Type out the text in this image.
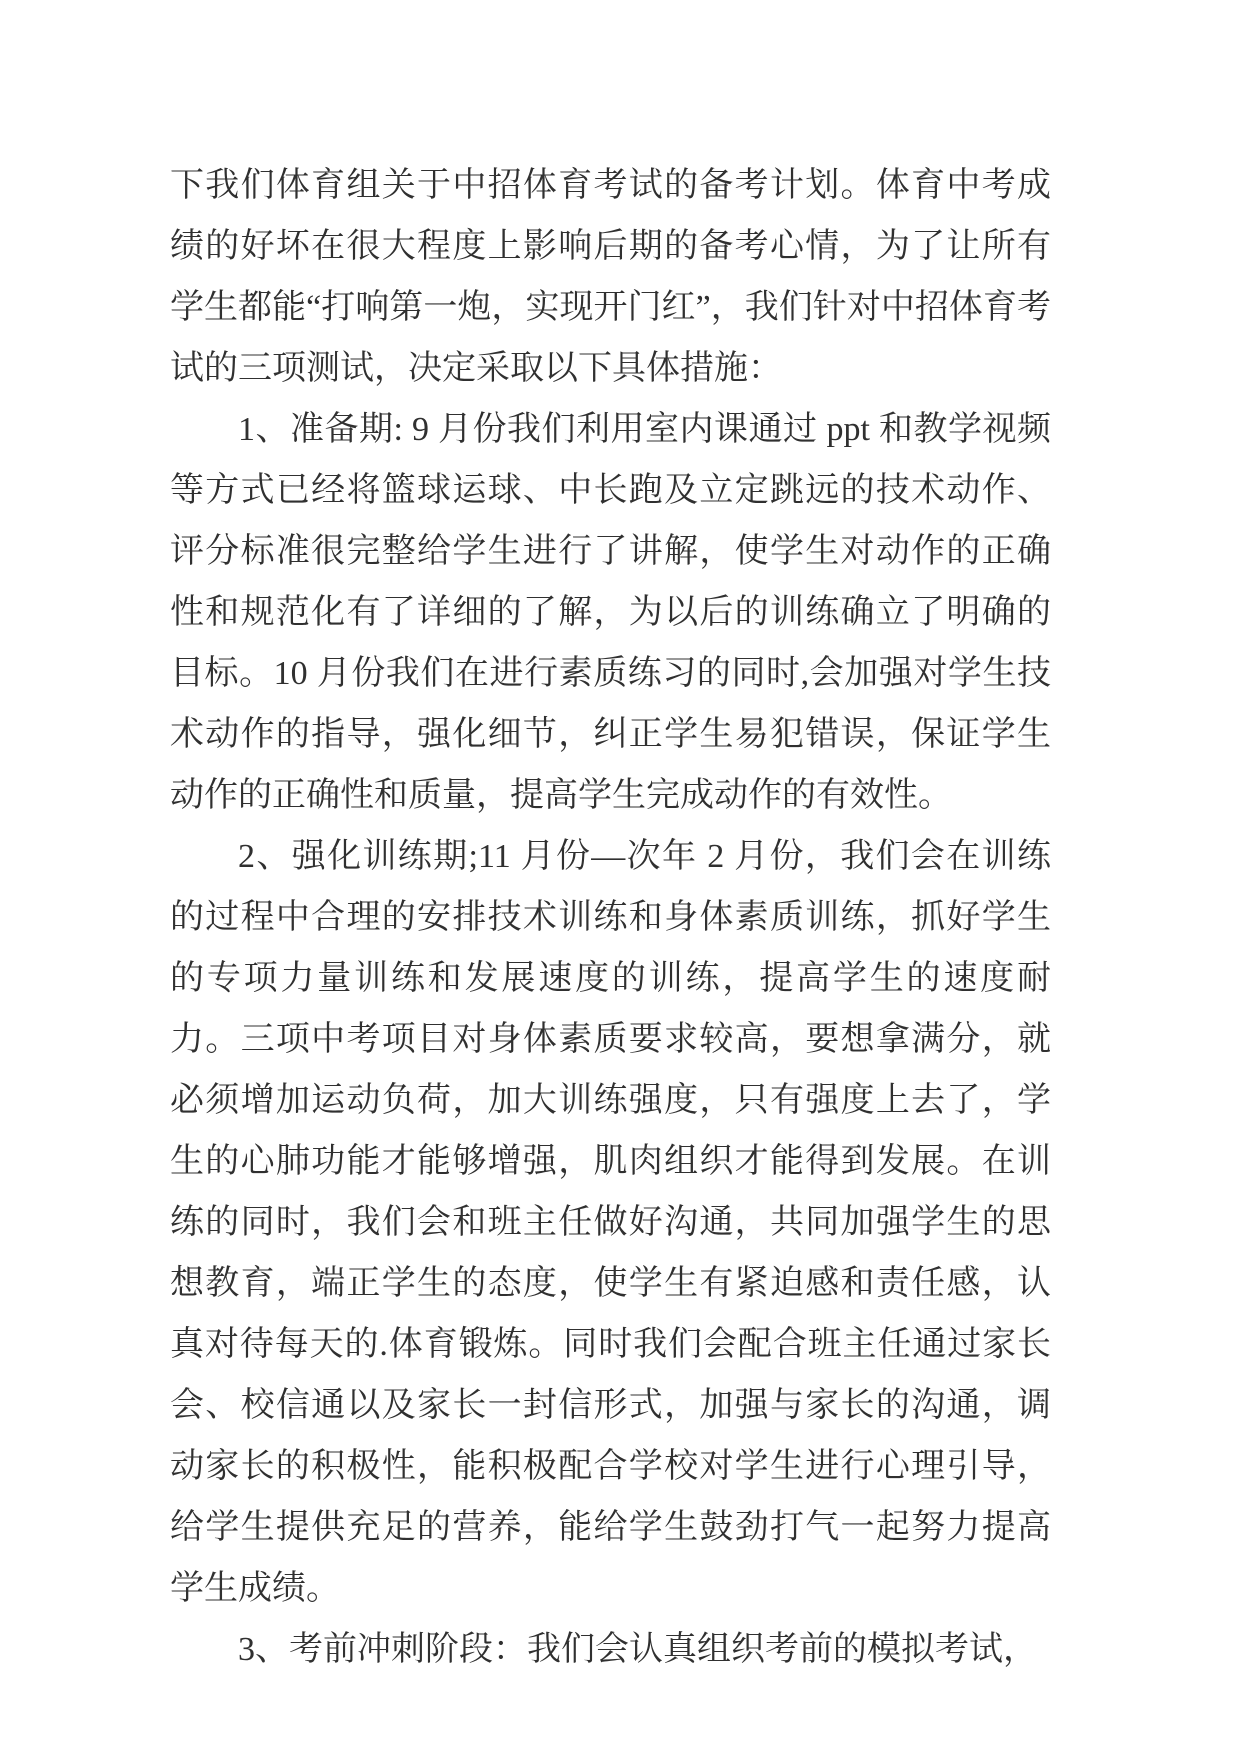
下我们体育组关于中招体育考试的备考计划。体育中考成绩的好坏在很大程度上影响后期的备考心情，为了让所有学生都能“打响第一炮，实现开门红”，我们针对中招体育考试的三项测试，决定采取以下具体措施：

1、准备期: 9 月份我们利用室内课通过 ppt 和教学视频等方式已经将篮球运球、中长跑及立定跳远的技术动作、评分标准很完整给学生进行了讲解，使学生对动作的正确性和规范化有了详细的了解，为以后的训练确立了明确的目标。10 月份我们在进行素质练习的同时,会加强对学生技术动作的指导，强化细节，纠正学生易犯错误，保证学生动作的正确性和质量，提高学生完成动作的有效性。

2、强化训练期;11 月份—次年 2 月份，我们会在训练的过程中合理的安排技术训练和身体素质训练，抓好学生的专项力量训练和发展速度的训练，提高学生的速度耐力。三项中考项目对身体素质要求较高，要想拿满分，就必须增加运动负荷，加大训练强度，只有强度上去了，学生的心肺功能才能够增强，肌肉组织才能得到发展。在训练的同时，我们会和班主任做好沟通，共同加强学生的思想教育，端正学生的态度，使学生有紧迫感和责任感，认真对待每天的.体育锻炼。同时我们会配合班主任通过家长会、校信通以及家长一封信形式，加强与家长的沟通，调动家长的积极性，能积极配合学校对学生进行心理引导，给学生提供充足的营养，能给学生鼓劲打气一起努力提高学生成绩。

3、考前冲刺阶段：我们会认真组织考前的模拟考试，
